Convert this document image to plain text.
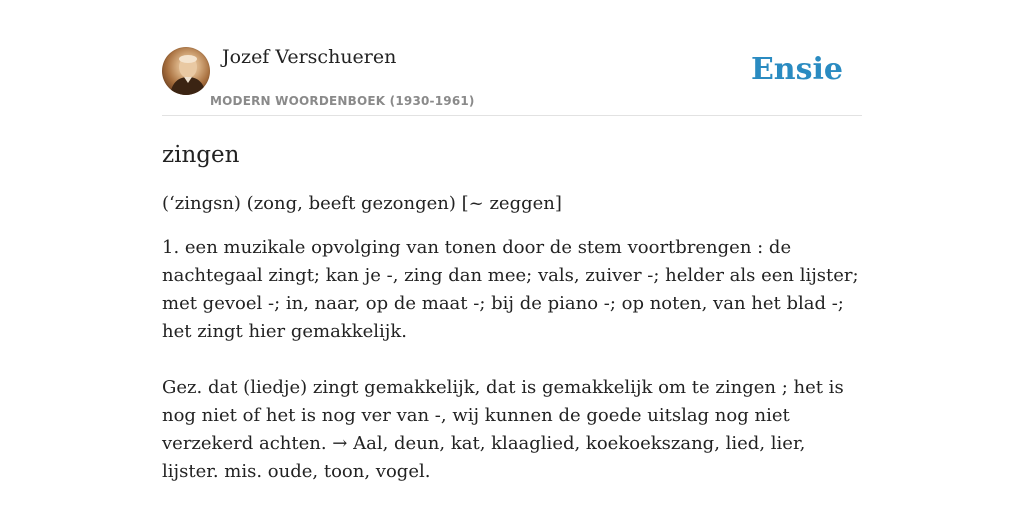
Jozef Verschueren
MODERN WOORDENBOEK (1930-1961)
Ensie
zingen

(‘zingsn) (zong, beeft gezongen) [~ zeggen]

1. een muzikale opvolging van tonen door de stem voortbrengen : de nachtegaal zingt; kan je -, zing dan mee; vals, zuiver -; helder als een lijster; met gevoel -; in, naar, op de maat -; bij de piano -; op noten, van het blad -; het zingt hier gemakkelijk.

Gez. dat (liedje) zingt gemakkelijk, dat is gemakkelijk om te zingen ; het is nog niet of het is nog ver van -, wij kunnen de goede uitslag nog niet verzekerd achten. → Aal, deun, kat, klaaglied, koekoekszang, lied, lier, lijster. mis. oude, toon, vogel.
